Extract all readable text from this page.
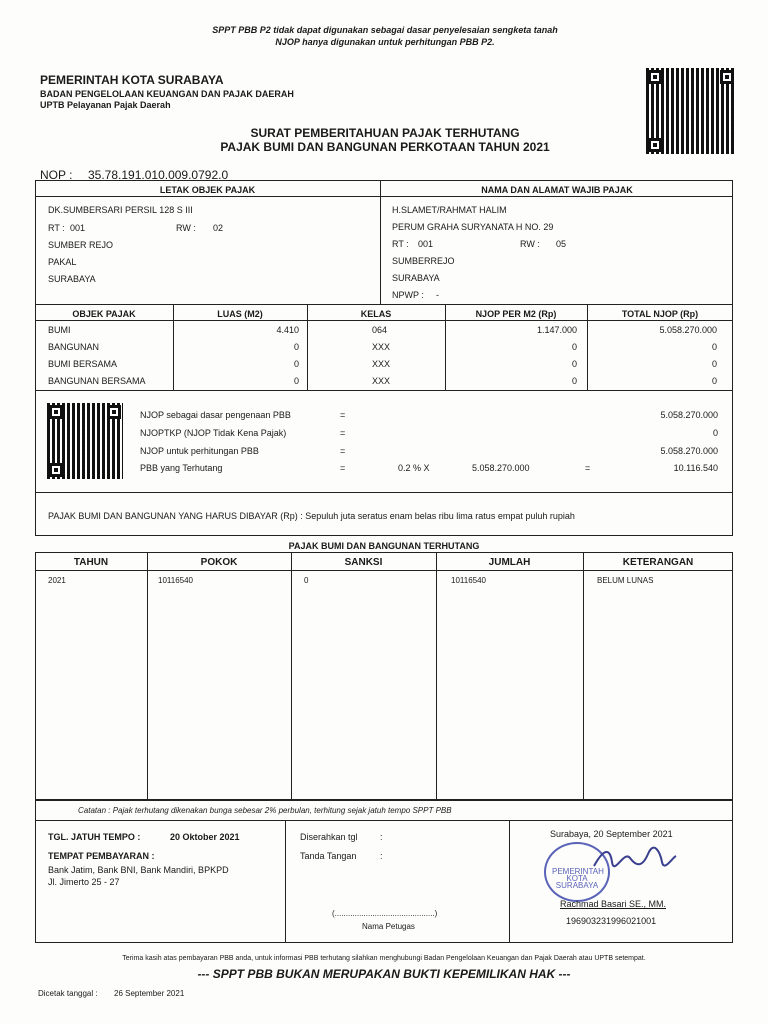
SPPT PBB P2 tidak dapat digunakan sebagai dasar penyelesaian sengketa tanah
NJOP hanya digunakan untuk perhitungan PBB P2.
PEMERINTAH KOTA SURABAYA
BADAN PENGELOLAAN KEUANGAN DAN PAJAK DAERAH
UPTB Pelayanan Pajak Daerah
SURAT PEMBERITAHUAN PAJAK TERHUTANG
PAJAK BUMI DAN BANGUNAN PERKOTAAN TAHUN 2021
NOP : 35.78.191.010.009.0792.0
LETAK OBJEK PAJAK	NAMA DAN ALAMAT WAJIB PAJAK
DK.SUMBERSARI PERSIL 128 S III
RT : 001	RW : 02
SUMBER REJO
PAKAL
SURABAYA
H.SLAMET/RAHMAT HALIM
PERUM GRAHA SURYANATA H NO. 29
RT : 001	RW : 05
SUMBERREJO
SURABAYA
NPWP : -
OBJEK PAJAK	LUAS (M2)	KELAS	NJOP PER M2 (Rp)	TOTAL NJOP (Rp)
BUMI	4.410	064	1.147.000	5.058.270.000
BANGUNAN	0	XXX	0	0
BUMI BERSAMA	0	XXX	0	0
BANGUNAN BERSAMA	0	XXX	0	0
NJOP sebagai dasar pengenaan PBB	=	5.058.270.000
NJOPTKP (NJOP Tidak Kena Pajak)	=	0
NJOP untuk perhitungan PBB	=	5.058.270.000
PBB yang Terhutang	=	0.2 % X	5.058.270.000	=	10.116.540
PAJAK BUMI DAN BANGUNAN YANG HARUS DIBAYAR (Rp) : Sepuluh juta seratus enam belas ribu lima ratus empat puluh rupiah
PAJAK BUMI DAN BANGUNAN TERHUTANG
TAHUN	POKOK	SANKSI	JUMLAH	KETERANGAN
2021	10116540	0	10116540	BELUM LUNAS
Catatan : Pajak terhutang dikenakan bunga sebesar 2% perbulan, terhitung sejak jatuh tempo SPPT PBB
TGL. JATUH TEMPO :	20 Oktober 2021
TEMPAT PEMBAYARAN :
Bank Jatim, Bank BNI, Bank Mandiri, BPKPD
Jl. Jimerto 25 - 27
Diserahkan tgl :
Tanda Tangan	:
(.............................................)
Nama Petugas
Surabaya, 20 September 2021
PEMERINTAH KOTA SURABAYA
Rachmad Basari SE., MM.
196903231996021001
Terima kasih atas pembayaran PBB anda, untuk informasi PBB terhutang silahkan menghubungi Badan Pengelolaan Keuangan dan Pajak Daerah atau UPTB setempat.
--- SPPT PBB BUKAN MERUPAKAN BUKTI KEPEMILIKAN HAK ---
Dicetak tanggal : 26 September 2021
